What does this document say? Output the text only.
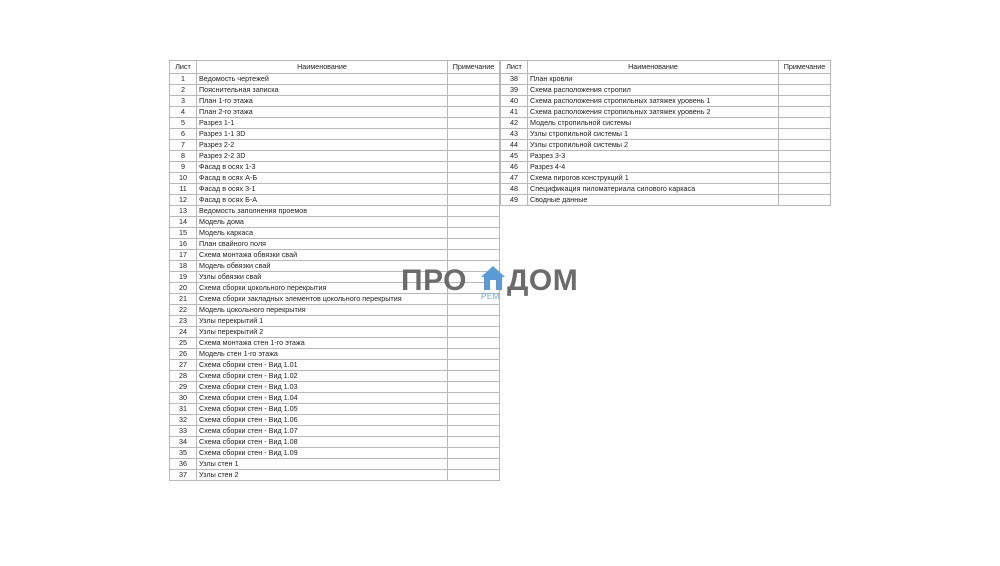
Лист	Наименование	Примечание
1	Ведомость чертежей	
2	Пояснительная записка	
3	План 1-го этажа	
4	План 2-го этажа	
5	Разрез 1-1	
6	Разрез 1-1 3D	
7	Разрез 2-2	
8	Разрез 2-2 3D	
9	Фасад в осях 1-3	
10	Фасад в осях А-Б	
11	Фасад в осях 3-1	
12	Фасад в осях Б-А	
13	Ведомость заполнения проемов	
14	Модель дома	
15	Модель каркаса	
16	План свайного поля	
17	Схема монтажа обвязки свай	
18	Модель обвязки свай	
19	Узлы обвязки свай	
20	Схема сборки цокольного перекрытия	
21	Схема сборки закладных элементов цокольного перекрытия	
22	Модель цокольного перекрытия	
23	Узлы перекрытий 1	
24	Узлы перекрытий 2	
25	Схема монтажа стен 1-го этажа	
26	Модель стен 1-го этажа	
27	Схема сборки стен - Вид 1.01	
28	Схема сборки стен - Вид 1.02	
29	Схема сборки стен - Вид 1.03	
30	Схема сборки стен - Вид 1.04	
31	Схема сборки стен - Вид 1.05	
32	Схема сборки стен - Вид 1.06	
33	Схема сборки стен - Вид 1.07	
34	Схема сборки стен - Вид 1.08	
35	Схема сборки стен - Вид 1.09	
36	Узлы стен 1	
37	Узлы стен 2	
Лист	Наименование	Примечание
38	План кровли	
39	Схема расположения стропил	
40	Схема расположения стропильных затяжек уровень 1	
41	Схема расположения стропильных затяжек уровень 2	
42	Модель стропильной системы	
43	Узлы стропильной системы 1	
44	Узлы стропильной системы 2	
45	Разрез 3-3	
46	Разрез 4-4	
47	Схема пирогов конструкций 1	
48	Спецификация пиломатериала силового каркаса	
49	Сводные данные	
ПРО РЕМ ДОМ
